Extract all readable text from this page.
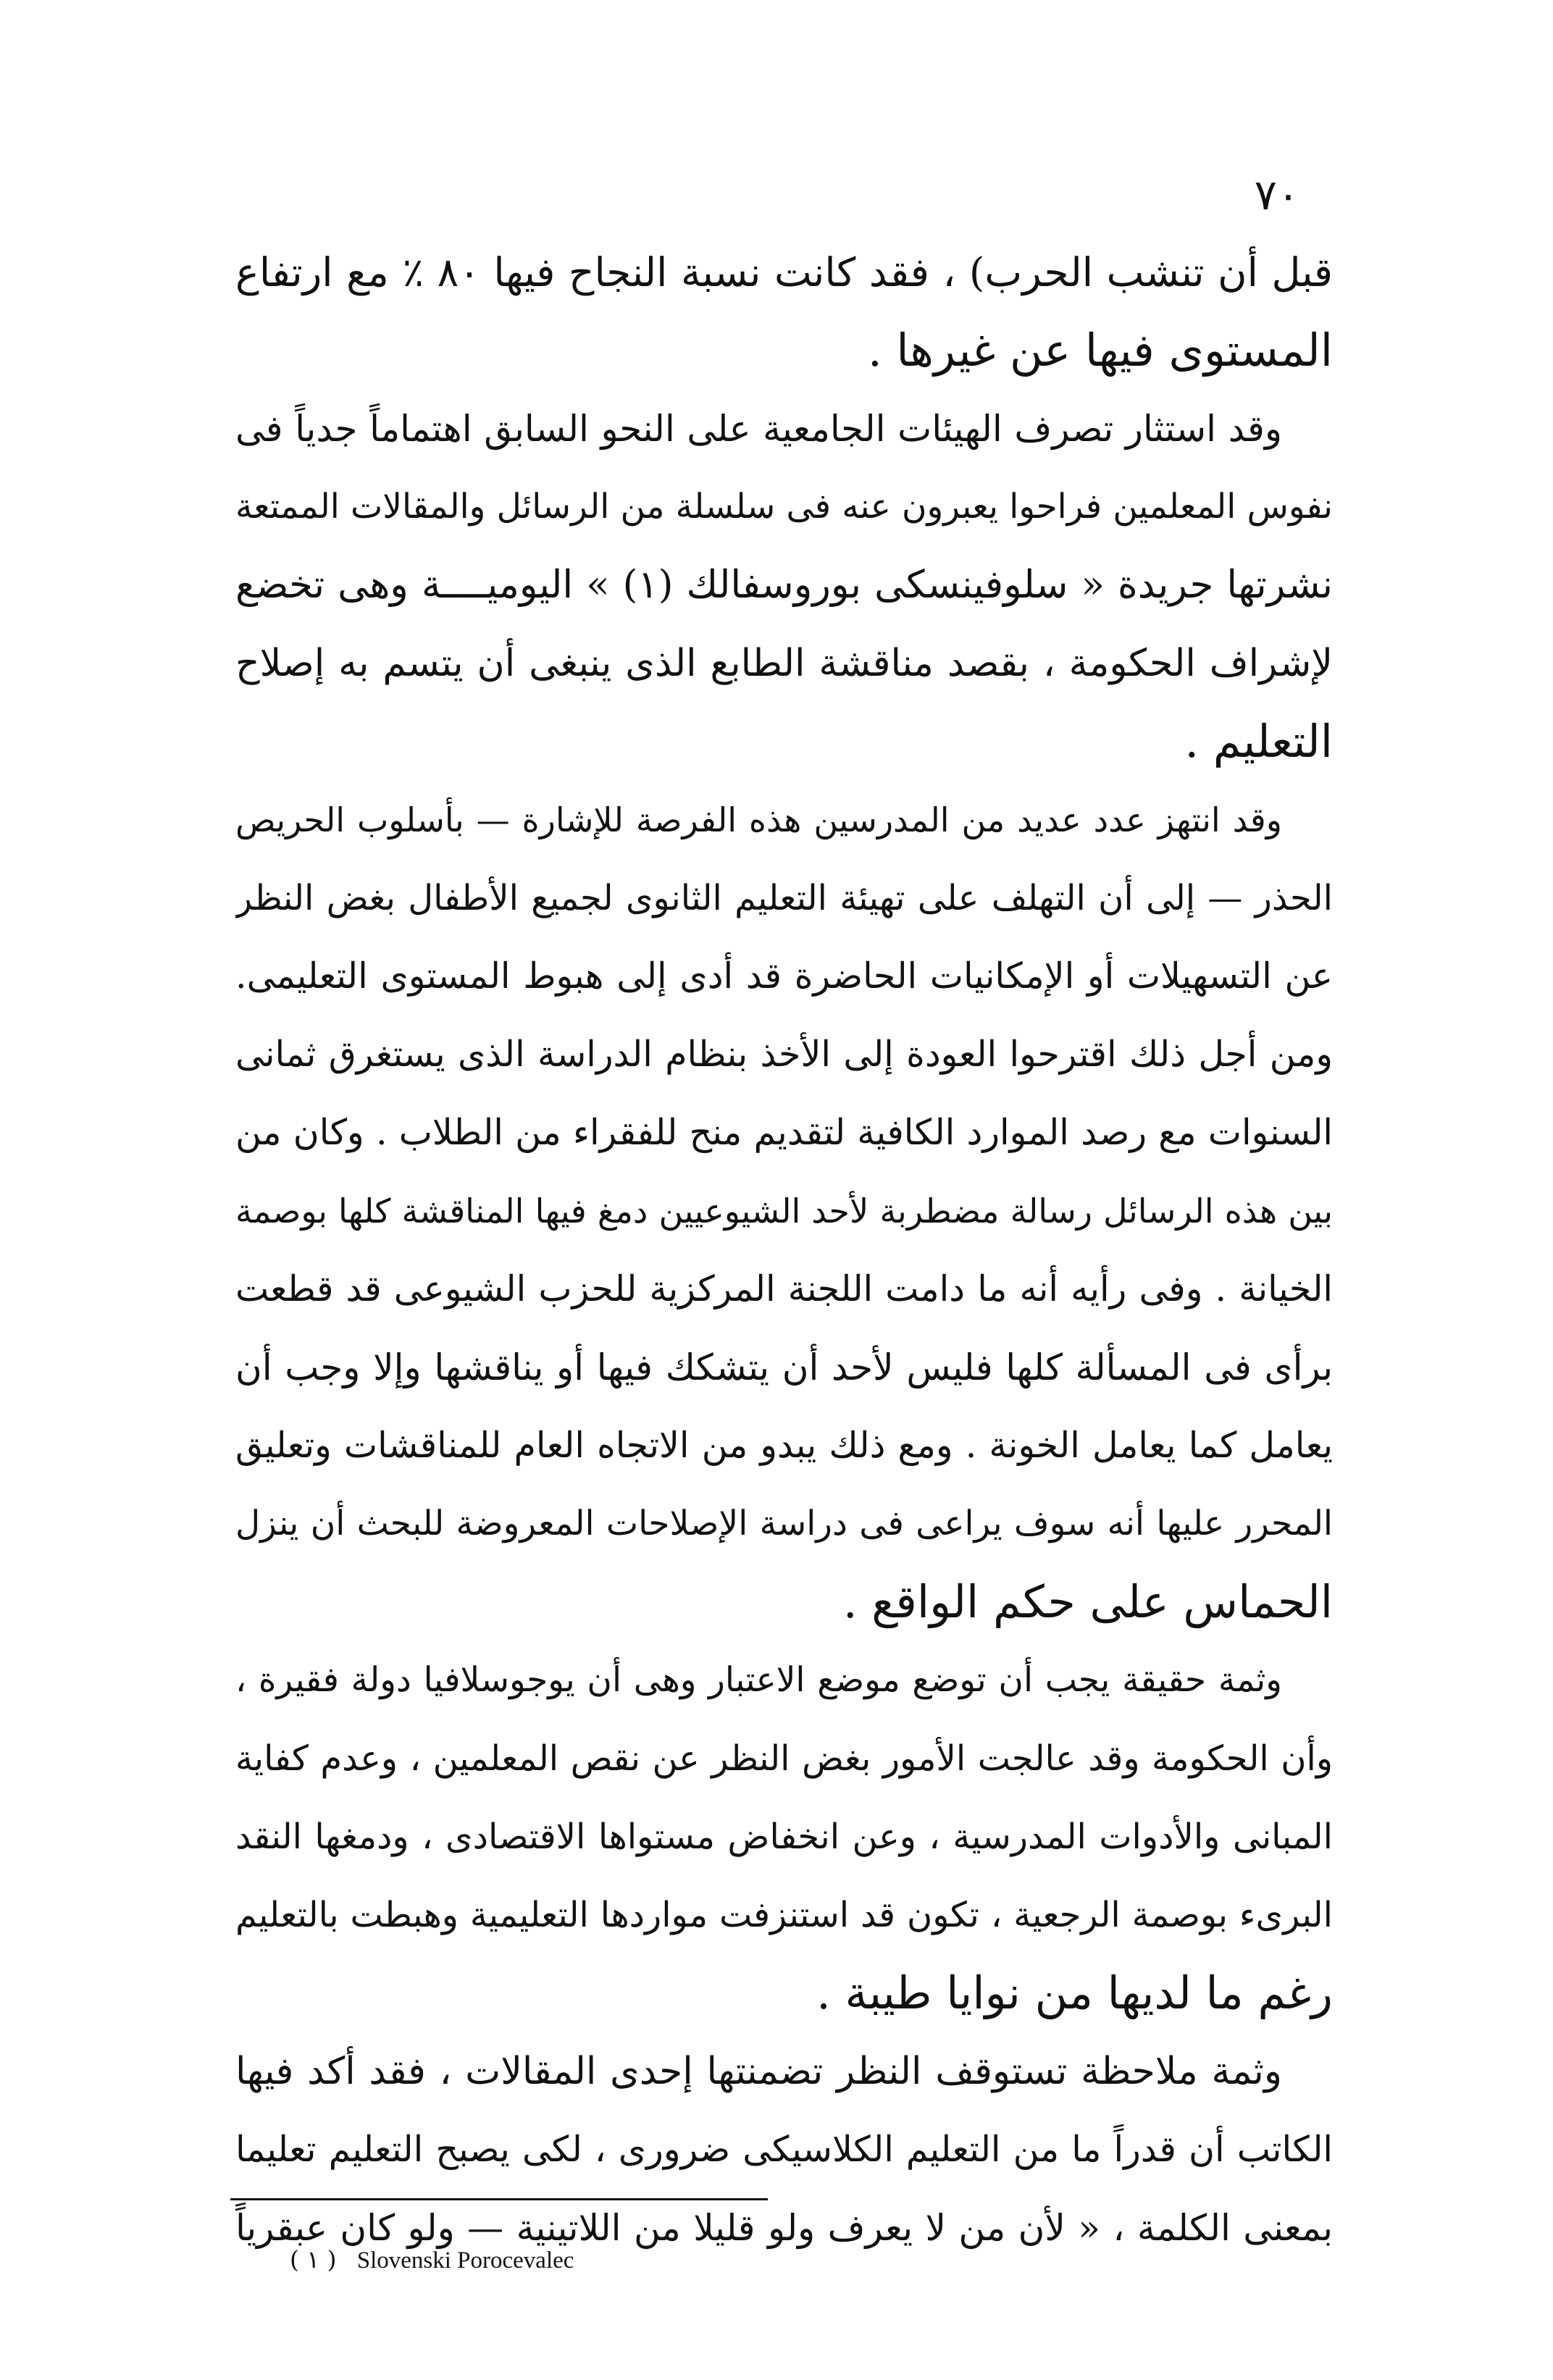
٧٠
قبل أن تنشب الحرب) ، فقد كانت نسبة النجاح فيها ٨٠ ٪ مع ارتفاع
المستوى فيها عن غيرها .
وقد استثار تصرف الهيئات الجامعية على النحو السابق اهتماماً جدياً فى
نفوس المعلمين فراحوا يعبرون عنه فى سلسلة من الرسائل والمقالات الممتعة
نشرتها جريدة « سلوفينسكى بوروسفالك (١) » اليوميــــة وهى تخضع
لإشراف الحكومة ، بقصد مناقشة الطابع الذى ينبغى أن يتسم به إصلاح
التعليم .
وقد انتهز عدد عديد من المدرسين هذه الفرصة للإشارة — بأسلوب الحريص
الحذر — إلى أن التهلف على تهيئة التعليم الثانوى لجميع الأطفال بغض النظر
عن التسهيلات أو الإمكانيات الحاضرة قد أدى إلى هبوط المستوى التعليمى.
ومن أجل ذلك اقترحوا العودة إلى الأخذ بنظام الدراسة الذى يستغرق ثمانى
السنوات مع رصد الموارد الكافية لتقديم منح للفقراء من الطلاب . وكان من
بين هذه الرسائل رسالة مضطربة لأحد الشيوعيين دمغ فيها المناقشة كلها بوصمة
الخيانة . وفى رأيه أنه ما دامت اللجنة المركزية للحزب الشيوعى قد قطعت
برأى فى المسألة كلها فليس لأحد أن يتشكك فيها أو يناقشها وإلا وجب أن
يعامل كما يعامل الخونة . ومع ذلك يبدو من الاتجاه العام للمناقشات وتعليق
المحرر عليها أنه سوف يراعى فى دراسة الإصلاحات المعروضة للبحث أن ينزل
الحماس على حكم الواقع .
وثمة حقيقة يجب أن توضع موضع الاعتبار وهى أن يوجوسلافيا دولة فقيرة ،
وأن الحكومة وقد عالجت الأمور بغض النظر عن نقص المعلمين ، وعدم كفاية
المبانى والأدوات المدرسية ، وعن انخفاض مستواها الاقتصادى ، ودمغها النقد
البرىء بوصمة الرجعية ، تكون قد استنزفت مواردها التعليمية وهبطت بالتعليم
رغم ما لديها من نوايا طيبة .
وثمة ملاحظة تستوقف النظر تضمنتها إحدى المقالات ، فقد أكد فيها
الكاتب أن قدراً ما من التعليم الكلاسيكى ضرورى ، لكى يصبح التعليم تعليما
بمعنى الكلمة ، « لأن من لا يعرف ولو قليلا من اللاتينية — ولو كان عبقرياً
( ١ ) Slovenski Porocevalec
